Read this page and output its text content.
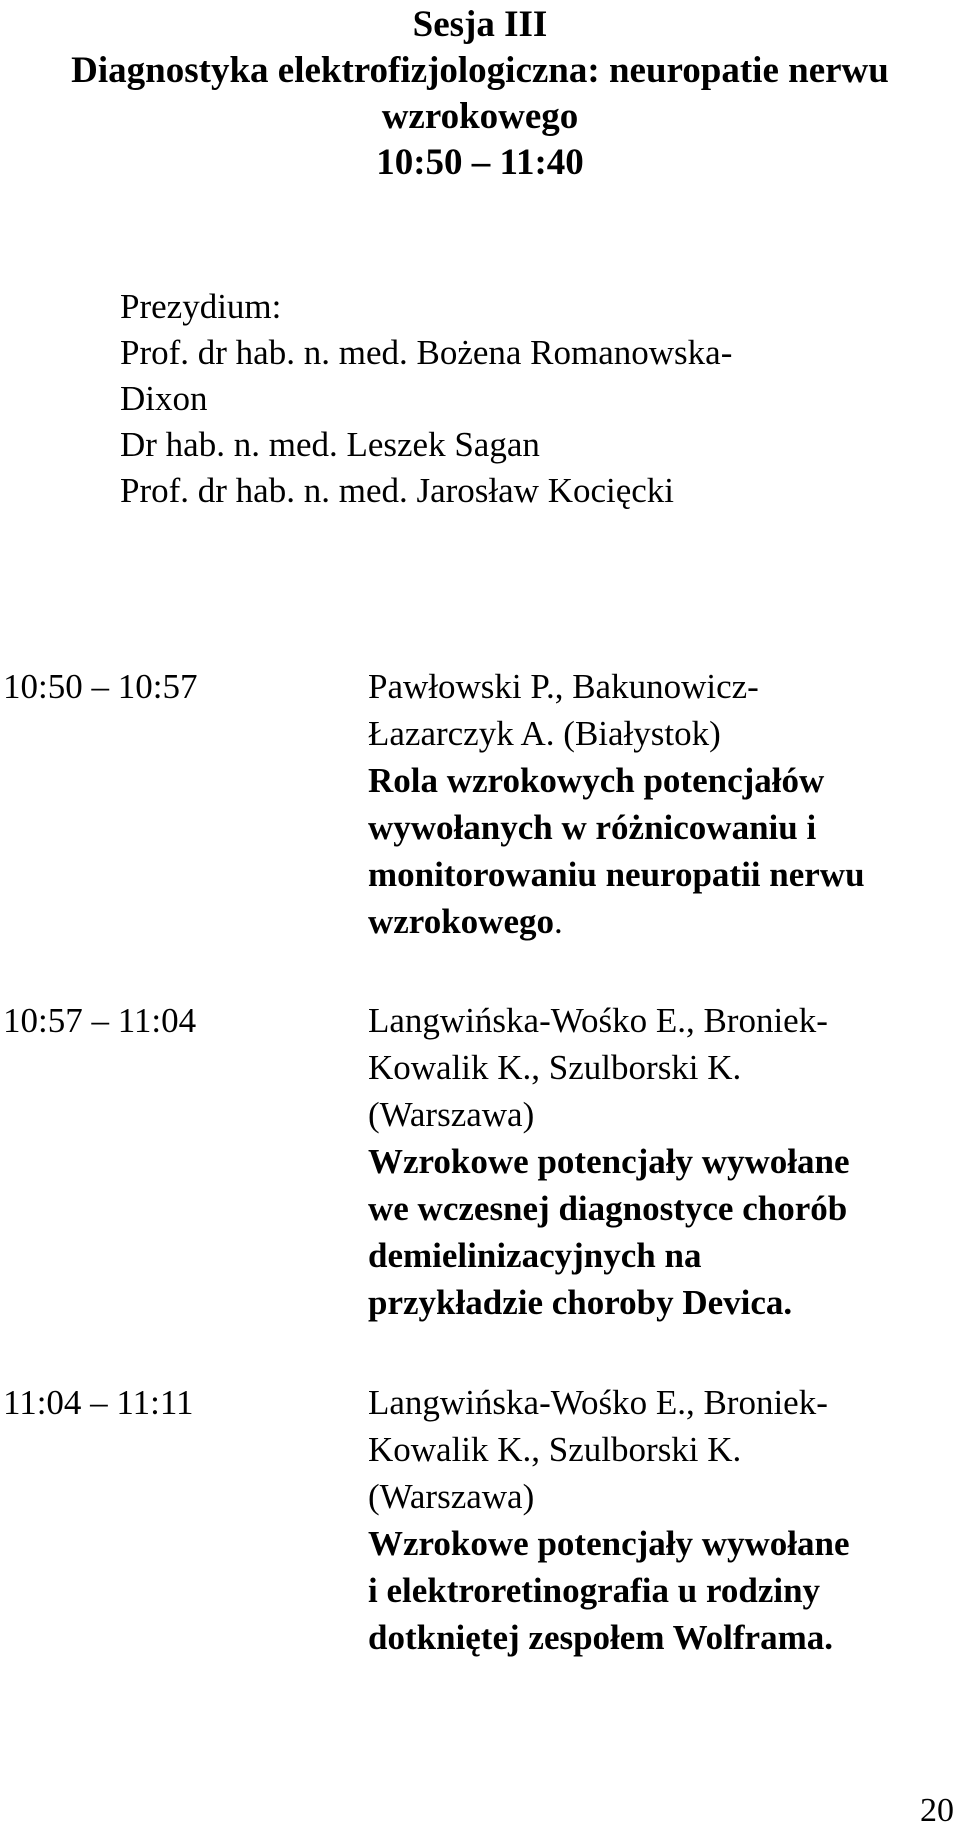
Sesja III
Diagnostyka elektrofizjologiczna: neuropatie nerwu
wzrokowego
10:50 – 11:40
Prezydium:
Prof. dr hab. n. med. Bożena Romanowska-
Dixon
Dr hab. n. med. Leszek Sagan
Prof. dr hab. n. med. Jarosław Kocięcki
10:50 – 10:57	Pawłowski P., Bakunowicz-
Łazarczyk A. (Białystok)
Rola wzrokowych potencjałów
wywołanych w różnicowaniu i
monitorowaniu neuropatii nerwu
wzrokowego.
10:57 – 11:04	Langwińska-Wośko E., Broniek-
Kowalik K., Szulborski K.
(Warszawa)
Wzrokowe potencjały wywołane
we wczesnej diagnostyce chorób
demielinizacyjnych na
przykładzie choroby Devica.
11:04 – 11:11	Langwińska-Wośko E., Broniek-
Kowalik K., Szulborski K.
(Warszawa)
Wzrokowe potencjały wywołane
i elektroretinografia u rodziny
dotkniętej zespołem Wolframa.
20
